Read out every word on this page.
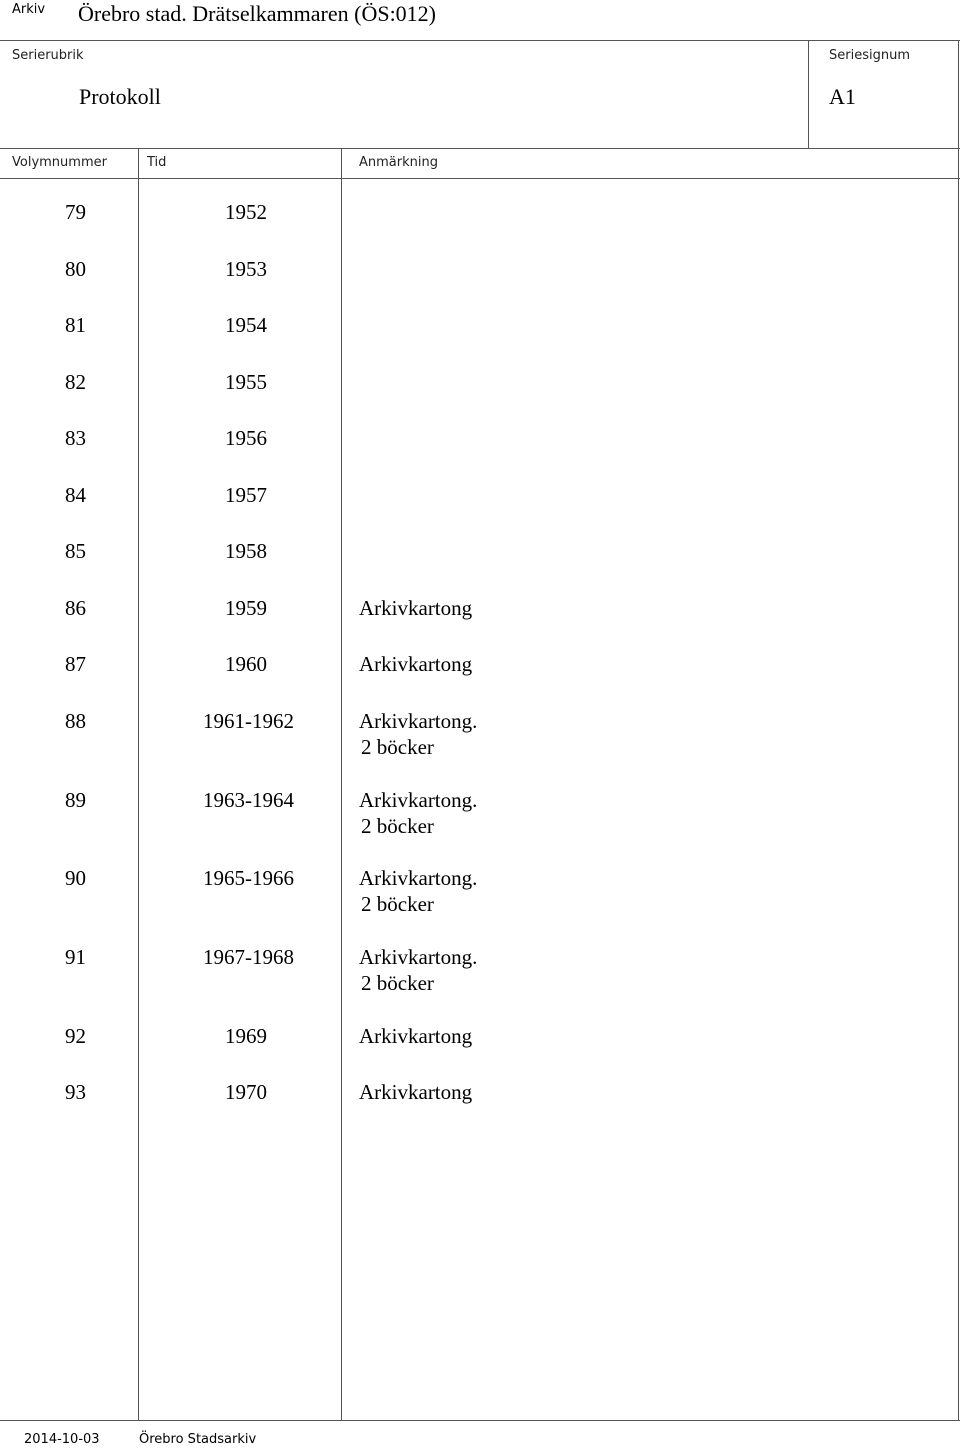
Arkiv Örebro stad. Drätselkammaren (ÖS:012)
Serierubrik
Protokoll
Seriesignum
A1
Volymnummer	Tid	Anmärkning
79	1952
80	1953
81	1954
82	1955
83	1956
84	1957
85	1958
86	1959	Arkivkartong
87	1960	Arkivkartong
88	1961-1962	Arkivkartong.
2 böcker
89	1963-1964	Arkivkartong.
2 böcker
90	1965-1966	Arkivkartong.
2 böcker
91	1967-1968	Arkivkartong.
2 böcker
92	1969	Arkivkartong
93	1970	Arkivkartong
2014-10-03	Örebro Stadsarkiv
